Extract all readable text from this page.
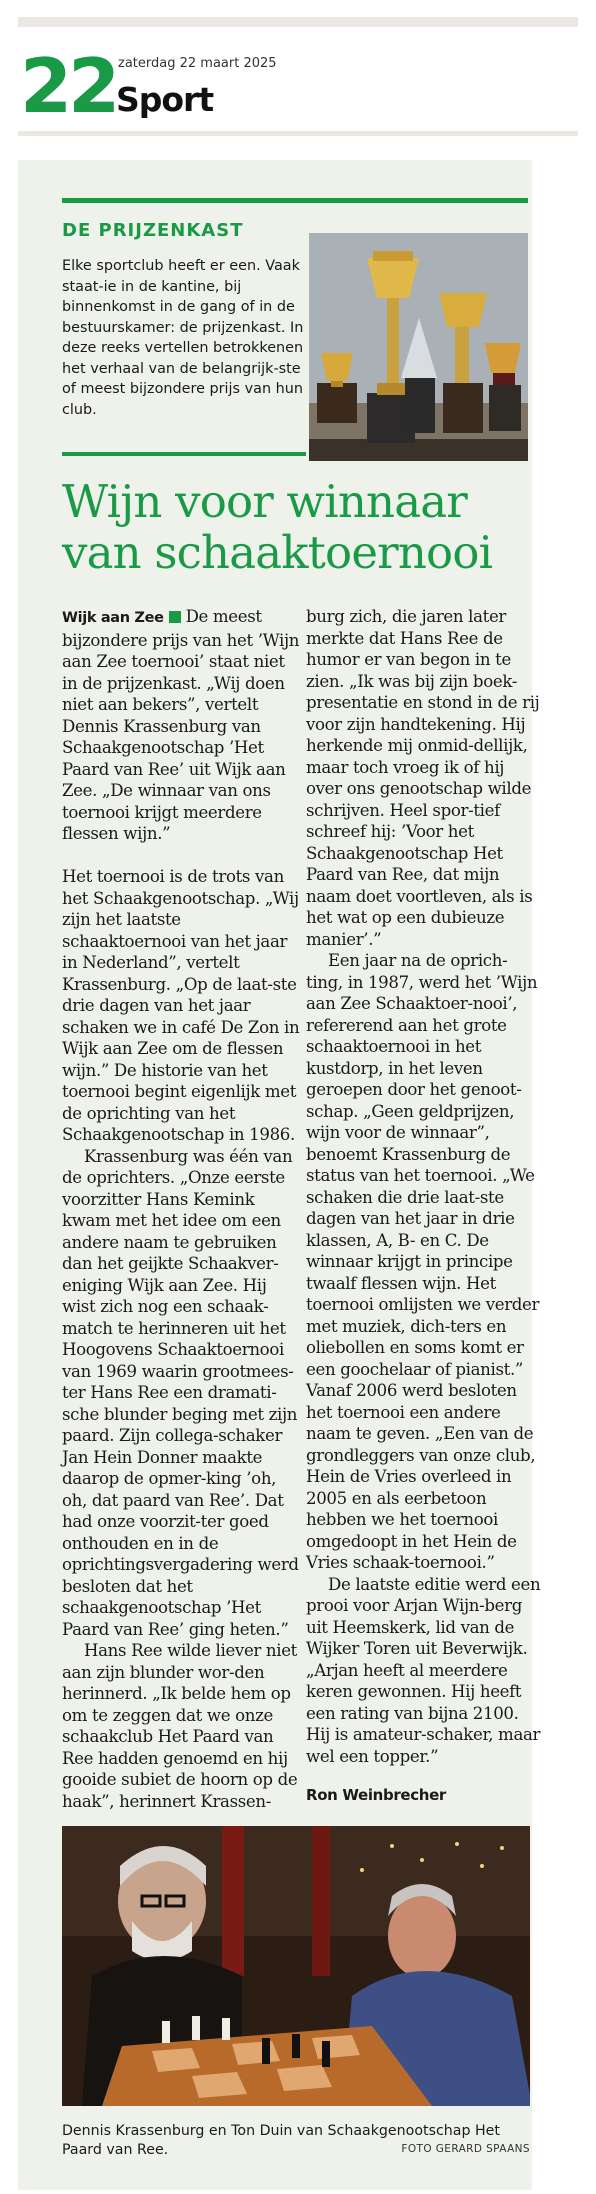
22 zaterdag 22 maart 2025
Sport
DE PRIJZENKAST
Elke sportclub heeft er een. Vaak staat-ie in de kantine, bij binnenkomst in de gang of in de bestuurskamer: de prijzenkast. In deze reeks vertellen betrokkenen het verhaal van de belangrijk-ste of meest bijzondere prijs van hun club.
Wijn voor winnaar van schaaktoernooi

Wijk aan Zee De meest bijzondere prijs van het ’Wijn aan Zee toernooi’ staat niet in de prijzenkast. „Wij doen niet aan bekers”, vertelt Dennis Krassenburg van Schaakgenootschap ’Het Paard van Ree’ uit Wijk aan Zee. „De winnaar van ons toernooi krijgt meerdere flessen wijn.”

Het toernooi is de trots van het Schaakgenootschap. „Wij zijn het laatste schaaktoernooi van het jaar in Nederland”, vertelt Krassenburg. „Op de laat-ste drie dagen van het jaar schaken we in café De Zon in Wijk aan Zee om de flessen wijn.” De historie van het toernooi begint eigenlijk met de oprichting van het Schaakgenootschap in 1986.

Krassenburg was één van de oprichters. „Onze eerste voorzitter Hans Kemink kwam met het idee om een andere naam te gebruiken dan het geijkte Schaakver-eniging Wijk aan Zee. Hij wist zich nog een schaak-match te herinneren uit het Hoogovens Schaaktoernooi van 1969 waarin grootmees-ter Hans Ree een dramati-sche blunder beging met zijn paard. Zijn collega-schaker Jan Hein Donner maakte daarop de opmer-king ’oh, oh, dat paard van Ree’. Dat had onze voorzit-ter goed onthouden en in de oprichtingsvergadering werd besloten dat het schaakgenootschap ’Het Paard van Ree’ ging heten.”

Hans Ree wilde liever niet aan zijn blunder wor-den herinnerd. „Ik belde hem op om te zeggen dat we onze schaakclub Het Paard van Ree hadden genoemd en hij gooide subiet de hoorn op de haak”, herinnert Krassen-

burg zich, die jaren later merkte dat Hans Ree de humor er van begon in te zien. „Ik was bij zijn boek-presentatie en stond in de rij voor zijn handtekening. Hij herkende mij onmid-dellijk, maar toch vroeg ik of hij over ons genootschap wilde schrijven. Heel spor-tief schreef hij: ’Voor het Schaakgenootschap Het Paard van Ree, dat mijn naam doet voortleven, als is het wat op een dubieuze manier’.”

Een jaar na de oprich-ting, in 1987, werd het ’Wijn aan Zee Schaaktoer-nooi’, refererend aan het grote schaaktoernooi in het kustdorp, in het leven geroepen door het genoot-schap. „Geen geldprijzen, wijn voor de winnaar”, benoemt Krassenburg de status van het toernooi. „We schaken die drie laat-ste dagen van het jaar in drie klassen, A, B- en C. De winnaar krijgt in principe twaalf flessen wijn. Het toernooi omlijsten we verder met muziek, dich-ters en oliebollen en soms komt er een goochelaar of pianist.” Vanaf 2006 werd besloten het toernooi een andere naam te geven. „Een van de grondleggers van onze club, Hein de Vries overleed in 2005 en als eerbetoon hebben we het toernooi omgedoopt in het Hein de Vries schaak-toernooi.”

De laatste editie werd een prooi voor Arjan Wijn-berg uit Heemskerk, lid van de Wijker Toren uit Beverwijk. „Arjan heeft al meerdere keren gewonnen. Hij heeft een rating van bijna 2100. Hij is amateur-schaker, maar wel een topper.”

Ron Weinbrecher
Dennis Krassenburg en Ton Duin van Schaakgenootschap Het Paard van Ree.	FOTO GERARD SPAANS
